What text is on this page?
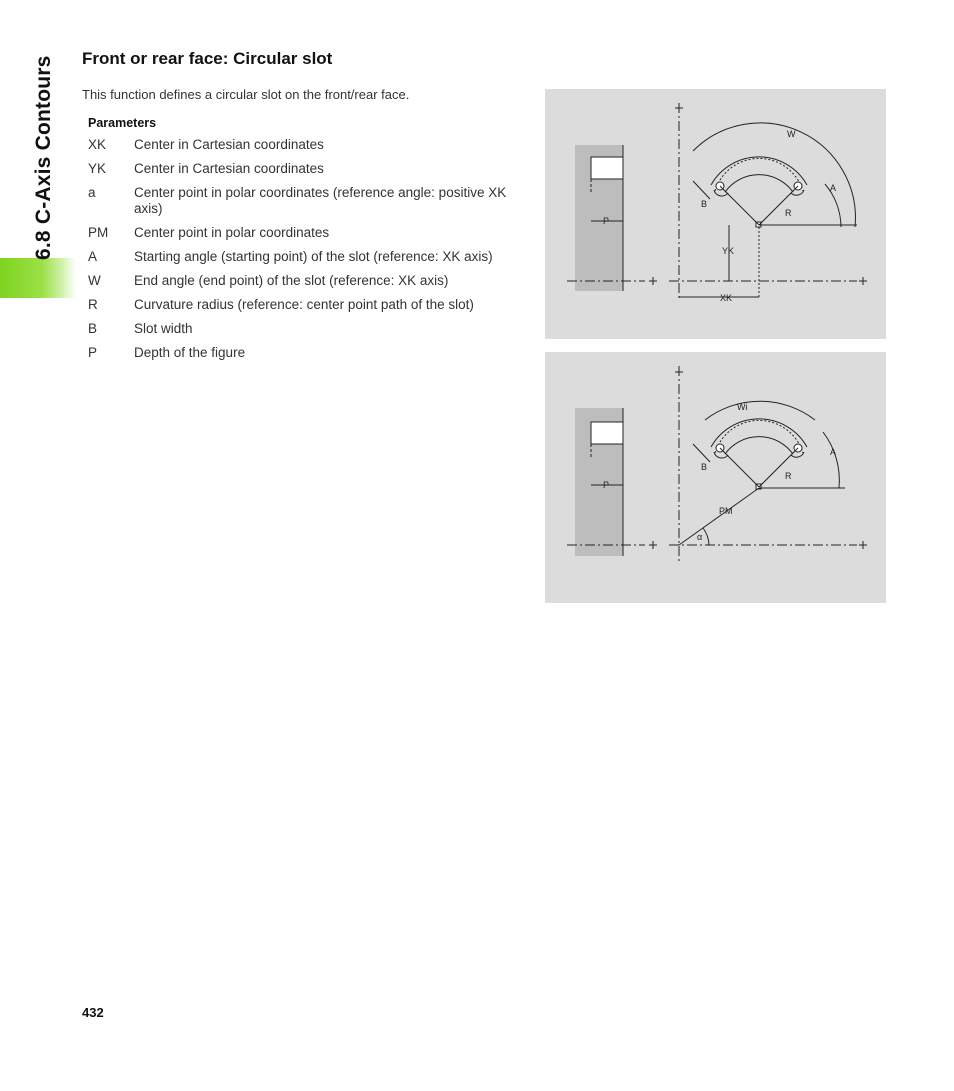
6.8 C-Axis Contours	Front or rear face: Circular slot
This function defines a circular slot on the front/rear face.
Parameters
XK	Center in Cartesian coordinates
YK	Center in Cartesian coordinates
a	Center point in polar coordinates (reference angle: positive XK axis)
PM	Center point in polar coordinates
A	Starting angle (starting point) of the slot (reference: XK axis)
W	End angle (end point) of the slot (reference: XK axis)
R	Curvature radius (reference: center point path of the slot)
B	Slot width
P	Depth of the figure
W
A
B
R
YK
XK
P
Wi
A
B
R
PM
α
P
432
